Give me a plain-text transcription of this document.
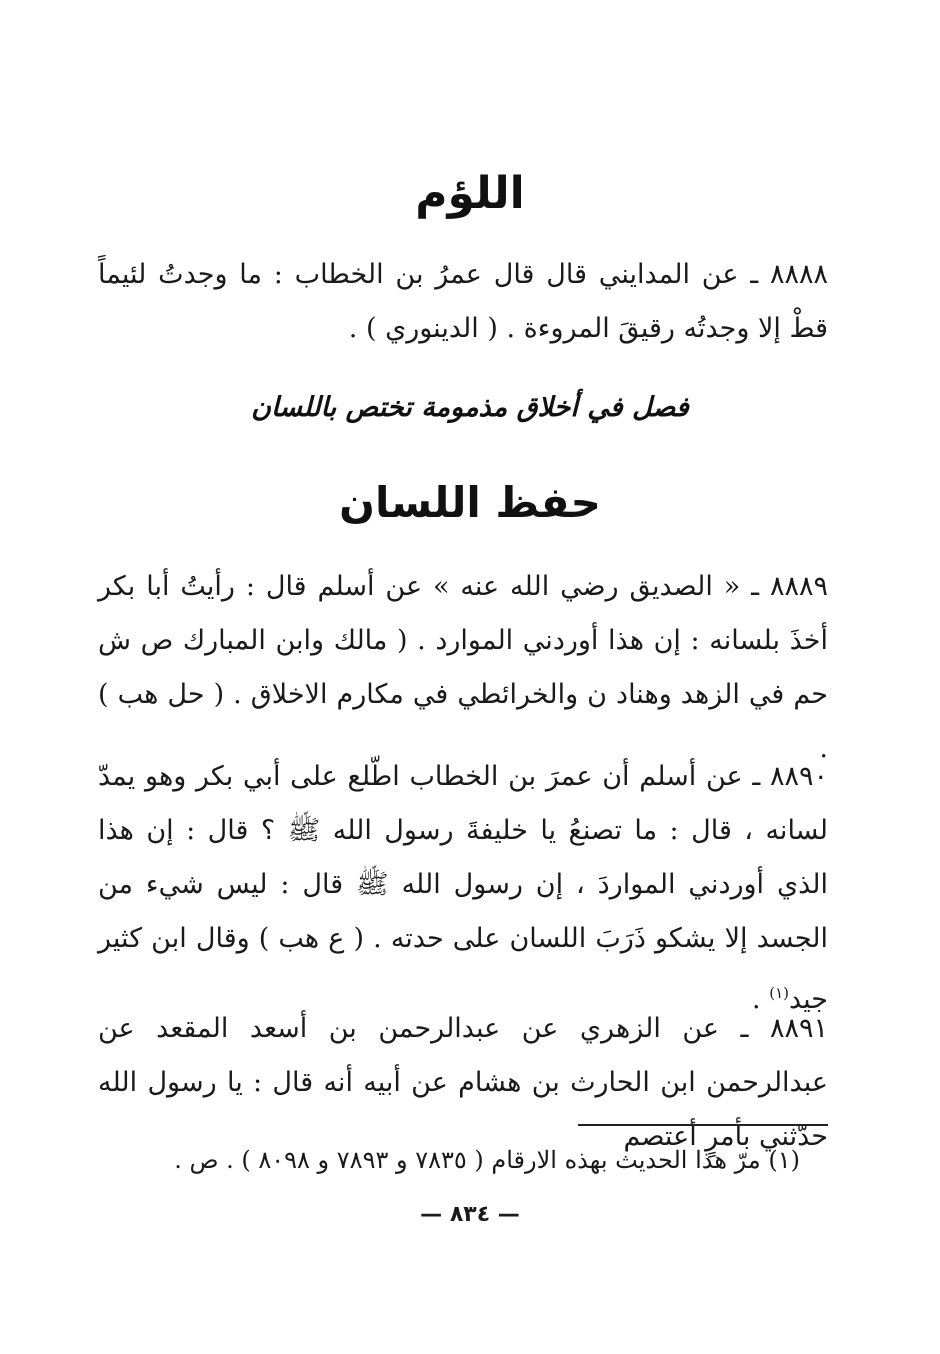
اللؤم
٨٨٨٨ ـ عن المدايني قال قال عمرُ بن الخطاب : ما وجدتُ لئيماً قطْ إلا وجدتُه رقيقَ المروءة . ( الدينوري ) .
فصل في أخلاق مذمومة تختص باللسان
حفظ اللسان
٨٨٨٩ ـ « الصديق رضي الله عنه » عن أسلم قال : رأيتُ أبا بكر أخذَ بلسانه : إن هذا أوردني الموارد . ( مالك وابن المبارك ص ش حم في الزهد وهناد ن والخرائطي في مكارم الاخلاق . ( حل هب ) .
٨٨٩٠ ـ عن أسلم أن عمرَ بن الخطاب اطّلع على أبي بكر وهو يمدّ لسانه ، قال : ما تصنعُ يا خليفةَ رسول الله ﷺ ؟ قال : إن هذا الذي أوردني المواردَ ، إن رسول الله ﷺ قال : ليس شيء من الجسد إلا يشكو ذَرَبَ اللسان على حدته . ( ع هب ) وقال ابن كثير جيد$^{(١)}$ .
٨٨٩١ ـ عن الزهري عن عبدالرحمن بن أسعد المقعد عن عبدالرحمن ابن الحارث بن هشام عن أبيه أنه قال : يا رسول الله حدّثني بأمرٍ أعتصم
(١) مرّ هذا الحديث بهذه الارقام ( ٧٨٣٥ و ٧٨٩٣ و ٨٠٩٨ ) . ص .
— ٨٣٤ —
